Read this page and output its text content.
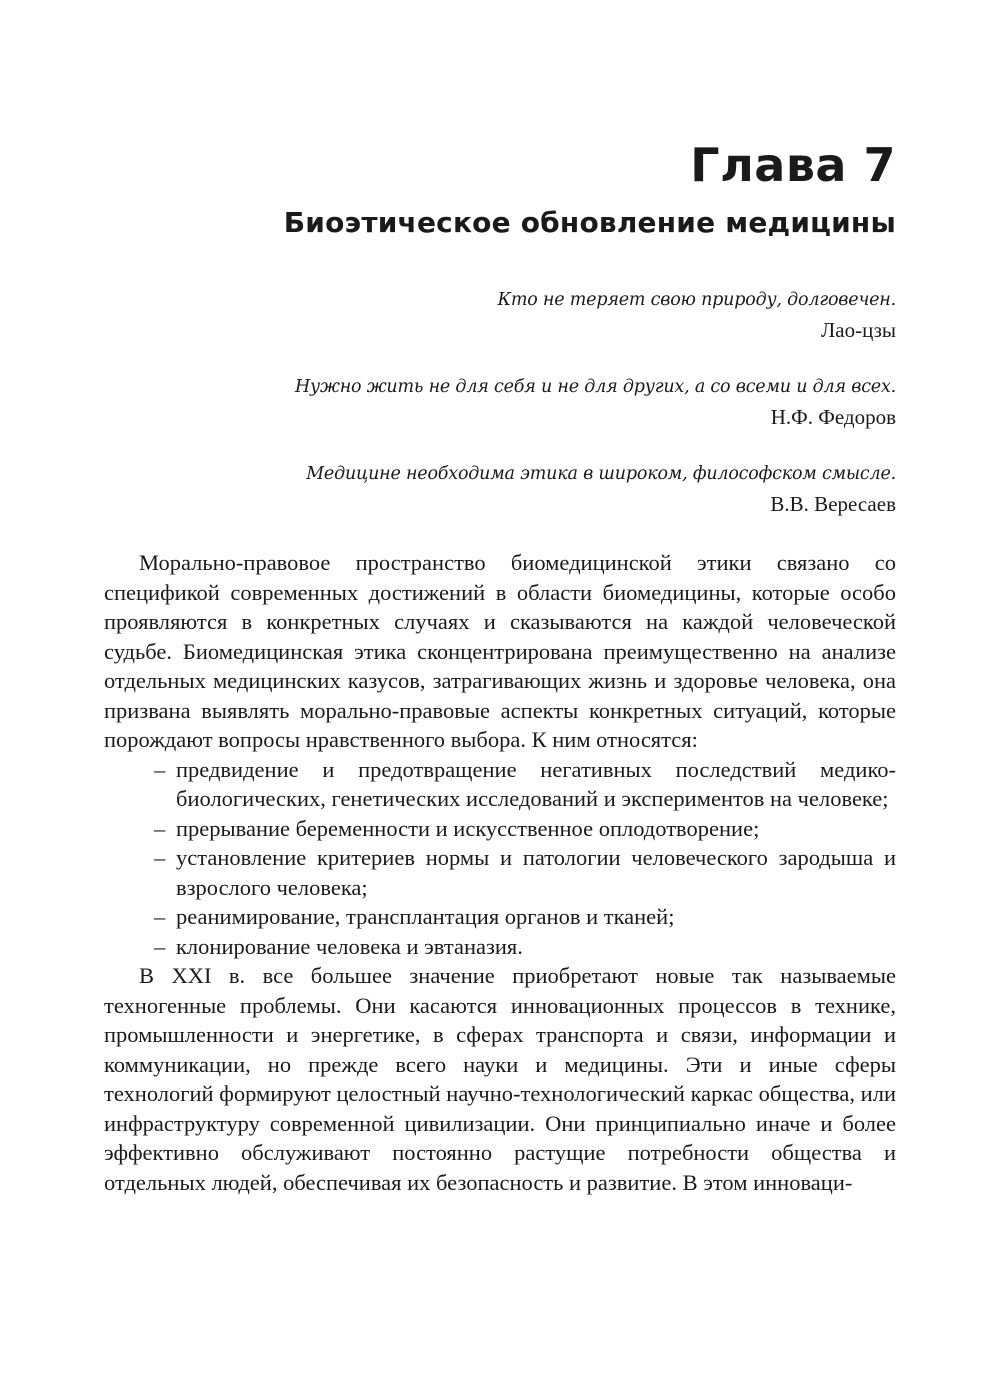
Глава 7
Биоэтическое обновление медицины
Кто не теряет свою природу, долговечен.
Лао-цзы
Нужно жить не для себя и не для других, а со всеми и для всех.
Н.Ф. Федоров
Медицине необходима этика в широком, философском смысле.
В.В. Вересаев

Морально-правовое пространство биомедицинской этики связано со спецификой современных достижений в области биомедицины, которые особо проявляются в конкретных случаях и сказываются на каждой человеческой судьбе. Биомедицинская этика сконцентрирована преимущественно на анализе отдельных медицинских казусов, затрагивающих жизнь и здоровье человека, она призвана выявлять морально-правовые аспекты конкретных ситуаций, которые порождают вопросы нравственного выбора. К ним относятся:

– предвидение и предотвращение негативных последствий медико-биологических, генетических исследований и экспериментов на человеке;
– прерывание беременности и искусственное оплодотворение;
– установление критериев нормы и патологии человеческого зародыша и взрослого человека;
– реанимирование, трансплантация органов и тканей;
– клонирование человека и эвтаназия.

В XXI в. все большее значение приобретают новые так называемые техногенные проблемы. Они касаются инновационных процессов в технике, промышленности и энергетике, в сферах транспорта и связи, информации и коммуникации, но прежде всего науки и медицины. Эти и иные сферы технологий формируют целостный научно-технологический каркас общества, или инфраструктуру современной цивилизации. Они принципиально иначе и более эффективно обслуживают постоянно растущие потребности общества и отдельных людей, обеспечивая их безопасность и развитие. В этом инноваци-
